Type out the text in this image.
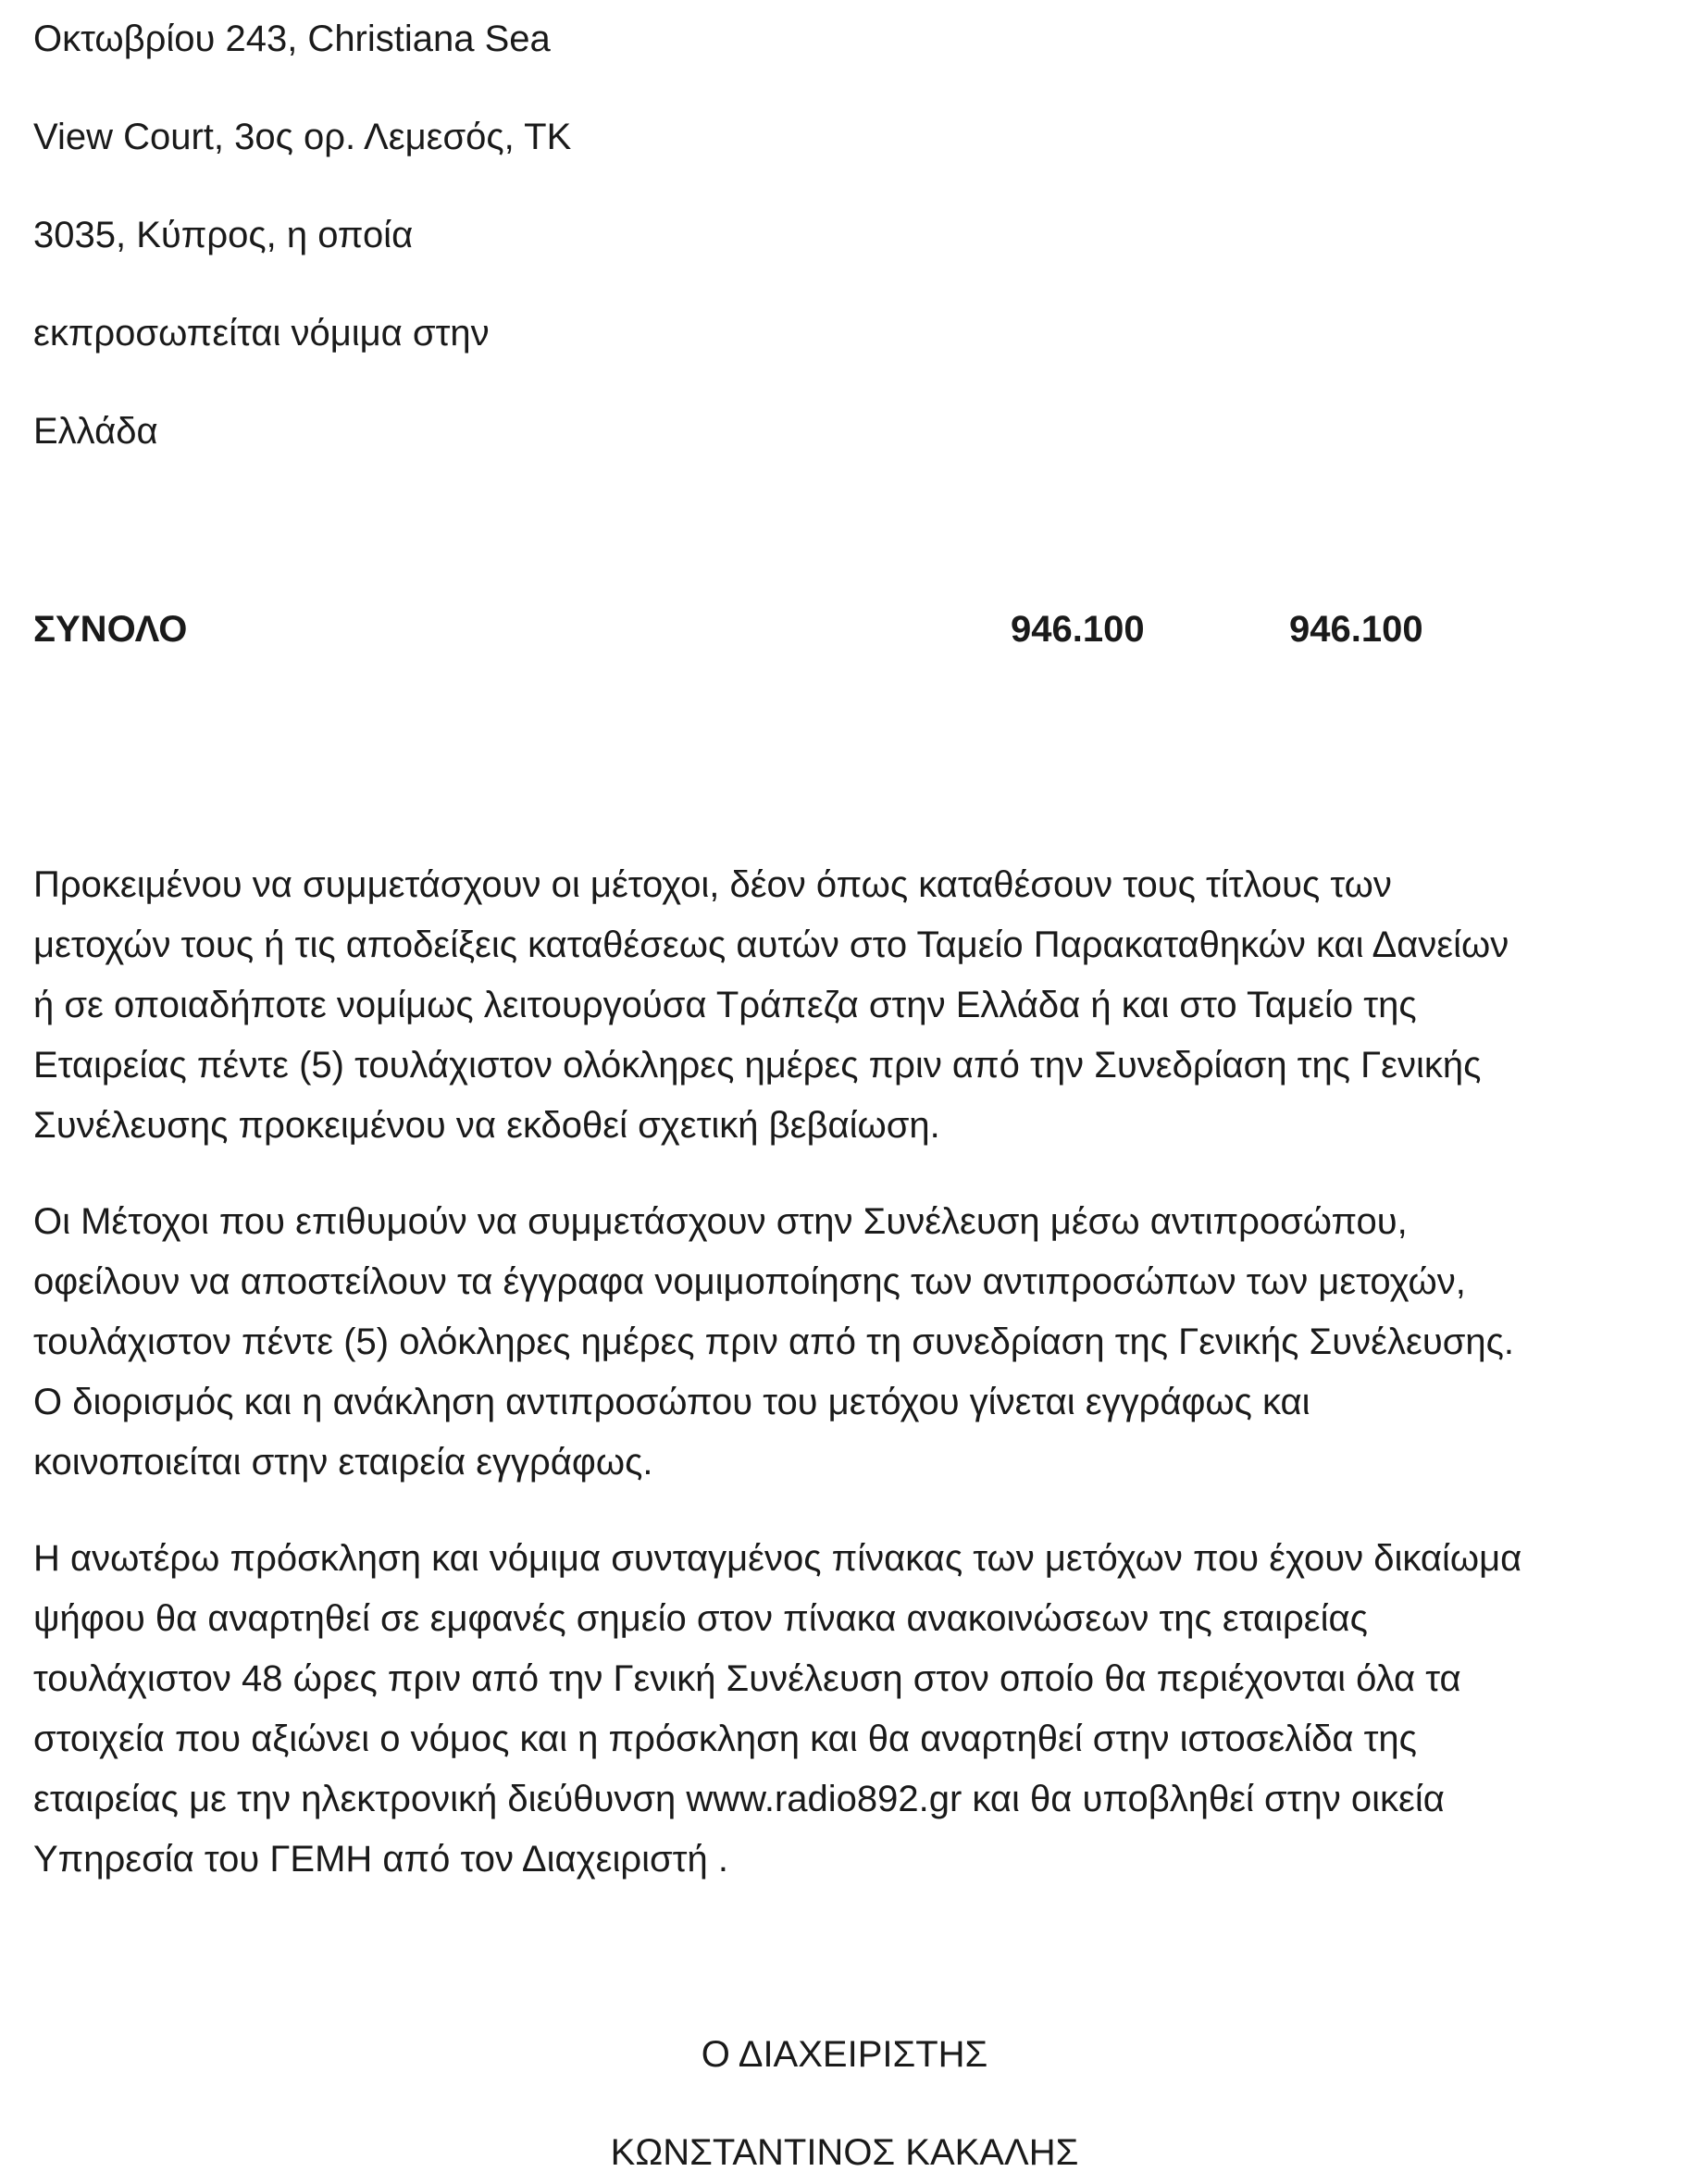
Οκτωβρίου 243, Christiana Sea
View Court, 3ος ορ. Λεμεσός, ΤΚ
3035, Κύπρος, η οποία
εκπροσωπείται νόμιμα στην
Ελλάδα
ΣΥΝΟΛΟ	946.100	946.100

Προκειμένου να συμμετάσχουν οι μέτοχοι, δέον όπως καταθέσουν τους τίτλους των
μετοχών τους ή τις αποδείξεις καταθέσεως αυτών στο Ταμείο Παρακαταθηκών και Δανείων
ή σε οποιαδήποτε νομίμως λειτουργούσα Τράπεζα στην Ελλάδα ή και στο Ταμείο της
Εταιρείας πέντε (5) τουλάχιστον ολόκληρες ημέρες πριν από την Συνεδρίαση της Γενικής
Συνέλευσης προκειμένου να εκδοθεί σχετική βεβαίωση.

Οι Μέτοχοι που επιθυμούν να συμμετάσχουν στην Συνέλευση μέσω αντιπροσώπου,
οφείλουν να αποστείλουν τα έγγραφα νομιμοποίησης των αντιπροσώπων των μετοχών,
τουλάχιστον πέντε (5) ολόκληρες ημέρες πριν από τη συνεδρίαση της Γενικής Συνέλευσης.
Ο διορισμός και η ανάκληση αντιπροσώπου του μετόχου γίνεται εγγράφως και
κοινοποιείται στην εταιρεία εγγράφως.

Η ανωτέρω πρόσκληση και νόμιμα συνταγμένος πίνακας των μετόχων που έχουν δικαίωμα
ψήφου θα αναρτηθεί σε εμφανές σημείο στον πίνακα ανακοινώσεων της εταιρείας
τουλάχιστον 48 ώρες πριν από την Γενική Συνέλευση στον οποίο θα περιέχονται όλα τα
στοιχεία που αξιώνει ο νόμος και η πρόσκληση και θα αναρτηθεί στην ιστοσελίδα της
εταιρείας με την ηλεκτρονική διεύθυνση www.radio892.gr και θα υποβληθεί στην οικεία
Υπηρεσία του ΓΕΜΗ από τον Διαχειριστή .

Ο ΔΙΑΧΕΙΡΙΣΤΗΣ
ΚΩΝΣΤΑΝΤΙΝΟΣ ΚΑΚΑΛΗΣ
